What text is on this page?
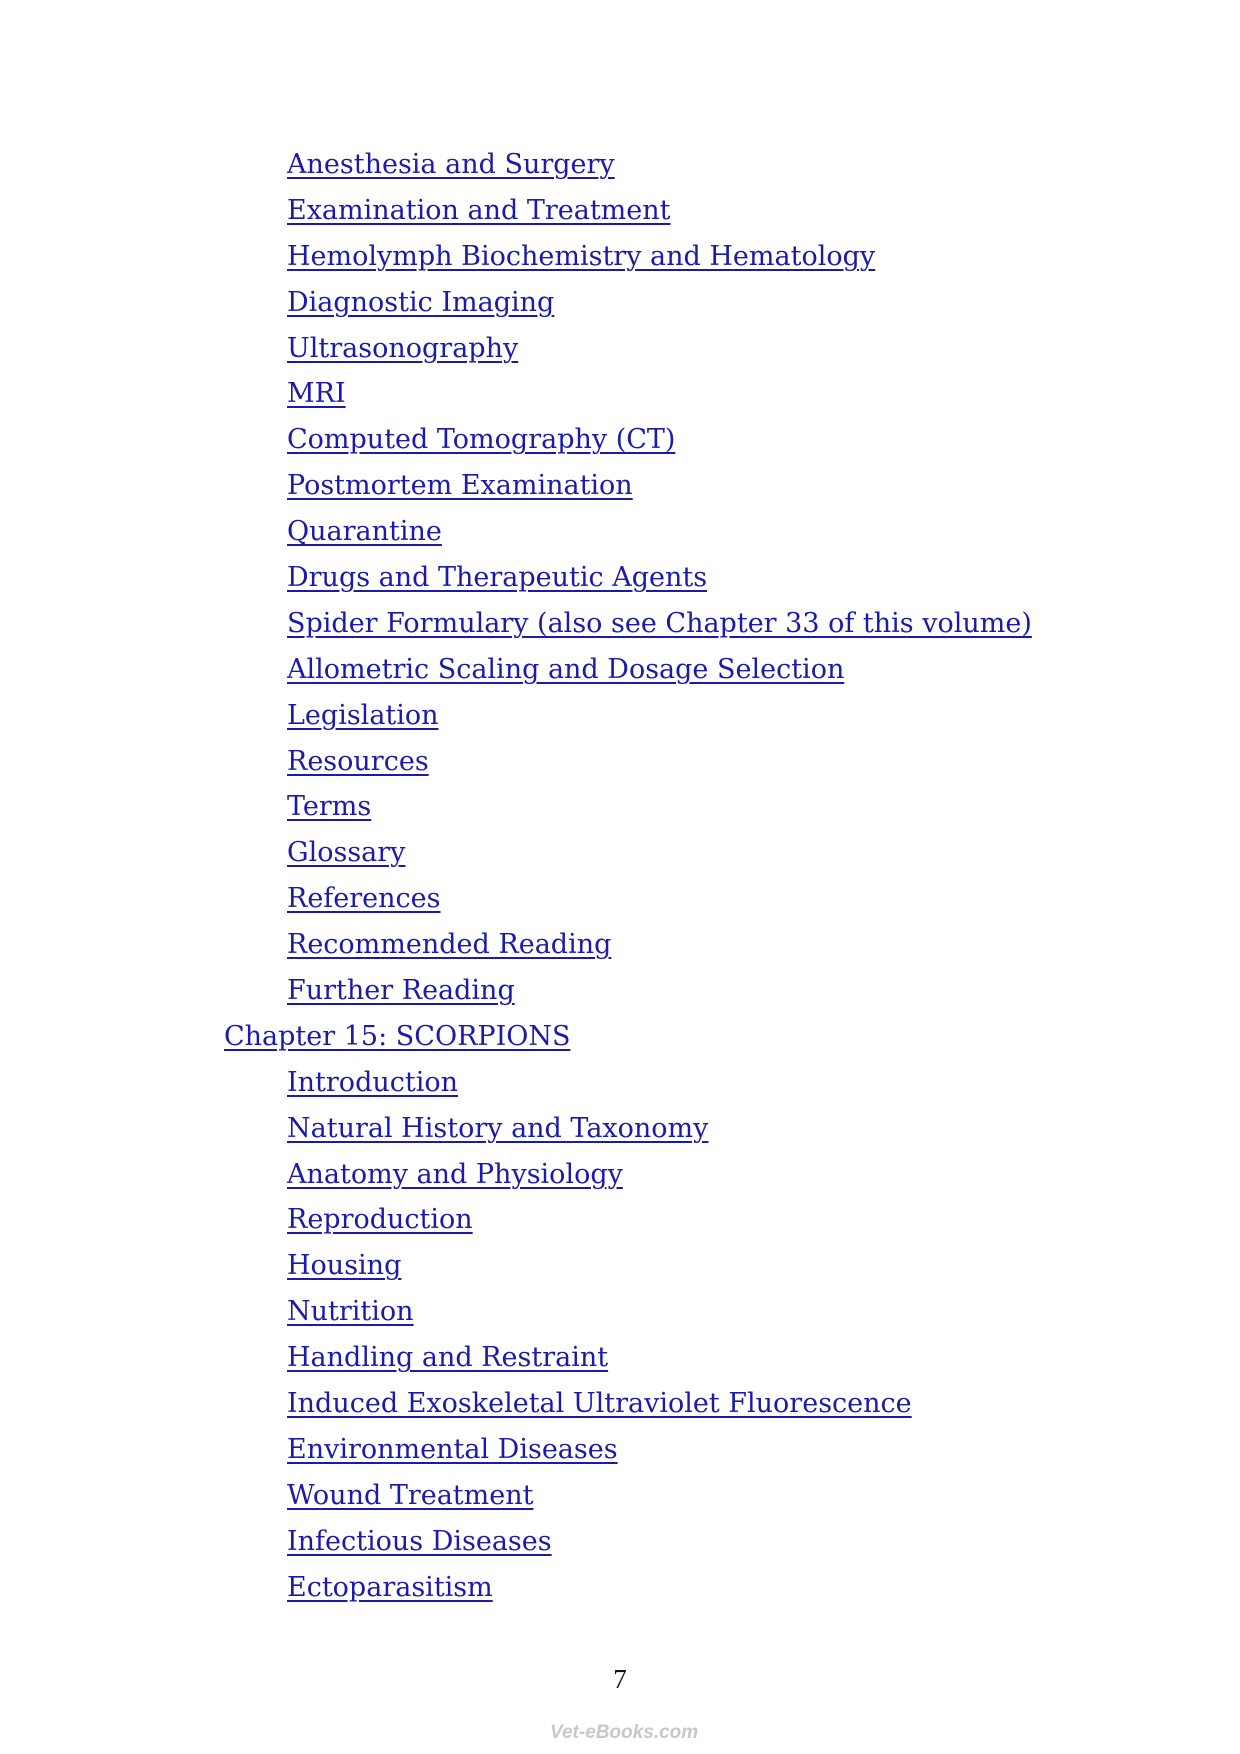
Anesthesia and Surgery
Examination and Treatment
Hemolymph Biochemistry and Hematology
Diagnostic Imaging
Ultrasonography
MRI
Computed Tomography (CT)
Postmortem Examination
Quarantine
Drugs and Therapeutic Agents
Spider Formulary (also see Chapter 33 of this volume)
Allometric Scaling and Dosage Selection
Legislation
Resources
Terms
Glossary
References
Recommended Reading
Further Reading
Chapter 15: SCORPIONS
Introduction
Natural History and Taxonomy
Anatomy and Physiology
Reproduction
Housing
Nutrition
Handling and Restraint
Induced Exoskeletal Ultraviolet Fluorescence
Environmental Diseases
Wound Treatment
Infectious Diseases
Ectoparasitism
7
Vet-eBooks.com
